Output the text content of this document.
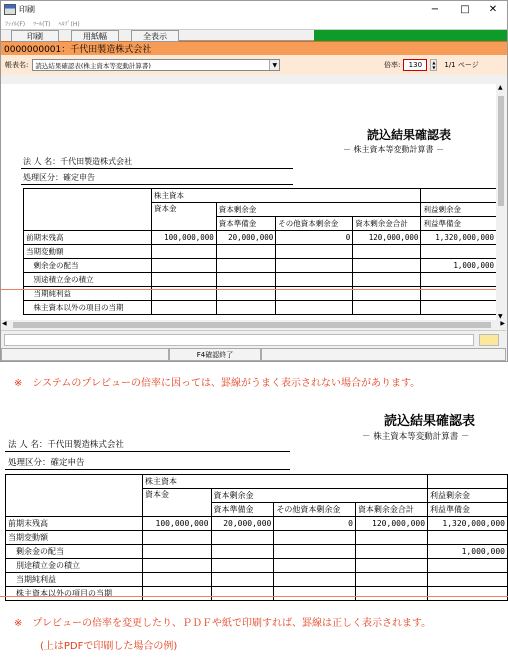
印刷	−	□	✕
ﾌｧｲﾙ(F) ﾂｰﾙ(T) ﾍﾙﾌﾟ(H)
印刷	用紙幅	全表示
0000000001：千代田製造株式会社
帳表名: 読込結果確認表(株主資本等変動計算書)	▼	倍率:	130	▲
▼ 1/1 ページ
読込結果確認表
－ 株主資本等変動計算書 －
法 人 名：千代田製造株式会社
処理区分：確定申告
	株主資本				
	資本金	資本剰余金			利益剰余金
		資本準備金	その他資本剰余金	資本剰余金合計	利益準備金
前期末残高	100,000,000	20,000,000	0	120,000,000	1,320,000,000
当期変動額					
　剰余金の配当					1,000,000
　別途積立金の積立					
　当期純利益					
　株主資本以外の項目の当期					
▲
▼
◀	▶
F4確認終了
※　システムのプレビューの倍率に因っては、罫線がうまく表示されない場合があります。
読込結果確認表
－ 株主資本等変動計算書 －
法 人 名：千代田製造株式会社
処理区分：確定申告
	株主資本				
	資本金	資本剰余金			利益剰余金
		資本準備金	その他資本剰余金	資本剰余金合計	利益準備金
前期末残高	100,000,000	20,000,000	0	120,000,000	1,320,000,000
当期変動額					
　剰余金の配当					1,000,000
　別途積立金の積立					
　当期純利益					
　株主資本以外の項目の当期					
※　プレビューの倍率を変更したり、ＰＤＦや紙で印刷すれば、罫線は正しく表示されます。
(上はPDFで印刷した場合の例)
